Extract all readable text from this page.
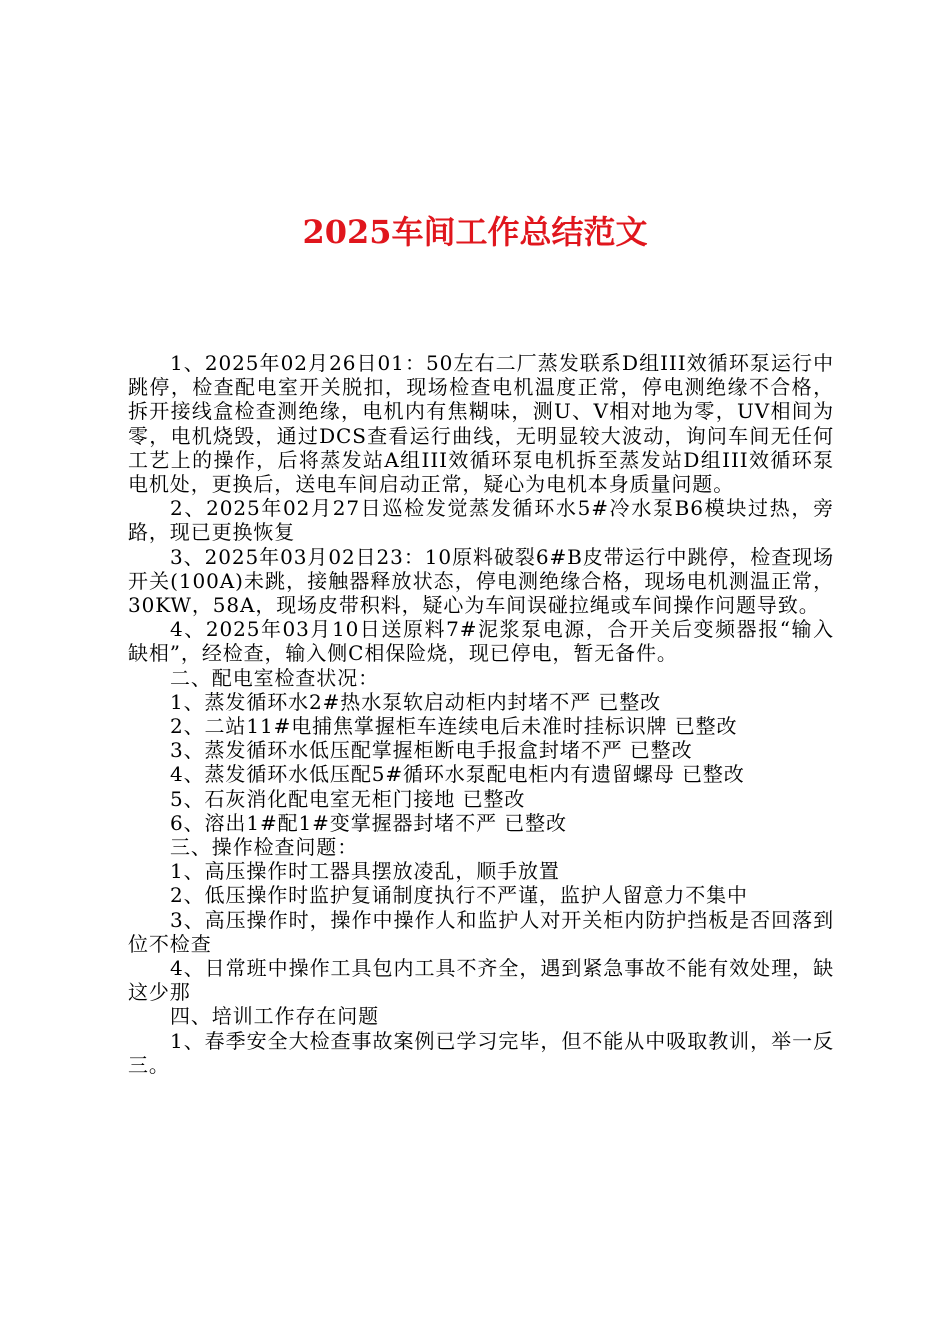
2025车间工作总结范文

1、2025年02月26日01：50左右二厂蒸发联系D组III效循环泵运行中跳停，检查配电室开关脱扣，现场检查电机温度正常，停电测绝缘不合格，拆开接线盒检查测绝缘，电机内有焦糊味，测U、V相对地为零，UV相间为零，电机烧毁，通过DCS查看运行曲线，无明显较大波动，询问车间无任何工艺上的操作，后将蒸发站A组III效循环泵电机拆至蒸发站D组III效循环泵电机处，更换后，送电车间启动正常，疑心为电机本身质量问题。

2、2025年02月27日巡检发觉蒸发循环水5#冷水泵B6模块过热，旁路，现已更换恢复

3、2025年03月02日23：10原料破裂6#B皮带运行中跳停，检查现场开关(100A)未跳，接触器释放状态，停电测绝缘合格，现场电机测温正常，30KW，58A，现场皮带积料，疑心为车间误碰拉绳或车间操作问题导致。

4、2025年03月10日送原料7#泥浆泵电源，合开关后变频器报“输入缺相”，经检查，输入侧C相保险烧，现已停电，暂无备件。

二、配电室检查状况：

1、蒸发循环水2#热水泵软启动柜内封堵不严 已整改

2、二站11#电捕焦掌握柜车连续电后未准时挂标识牌 已整改

3、蒸发循环水低压配掌握柜断电手报盒封堵不严 已整改

4、蒸发循环水低压配5#循环水泵配电柜内有遗留螺母 已整改

5、石灰消化配电室无柜门接地 已整改

6、溶出1#配1#变掌握器封堵不严 已整改

三、操作检查问题：

1、高压操作时工器具摆放凌乱，顺手放置

2、低压操作时监护复诵制度执行不严谨，监护人留意力不集中

3、高压操作时，操作中操作人和监护人对开关柜内防护挡板是否回落到位不检查

4、日常班中操作工具包内工具不齐全，遇到紧急事故不能有效处理，缺这少那

四、培训工作存在问题

1、春季安全大检查事故案例已学习完毕，但不能从中吸取教训，举一反三。
